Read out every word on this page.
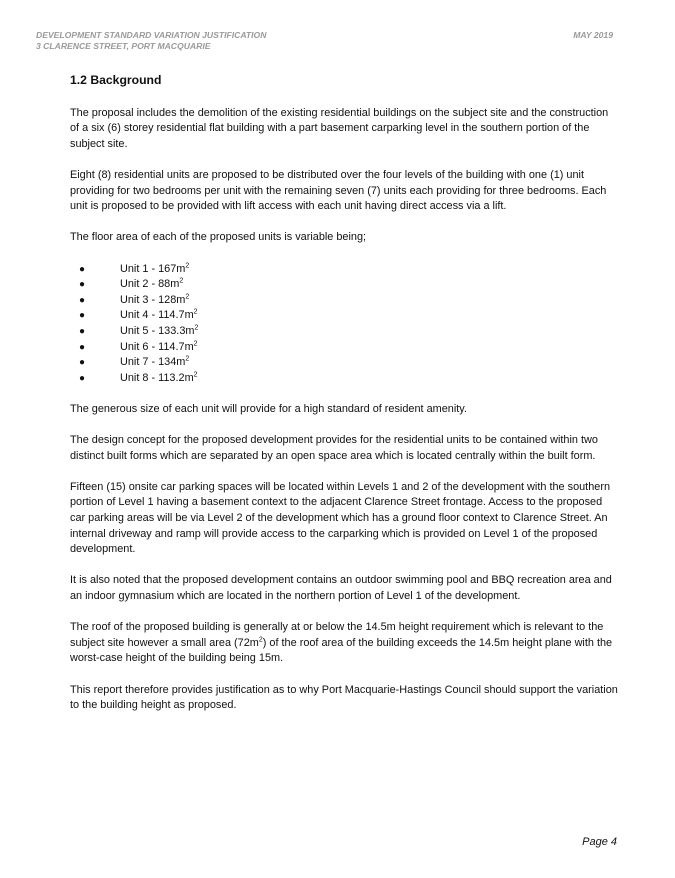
DEVELOPMENT STANDARD VARIATION JUSTIFICATION	MAY 2019
3 CLARENCE STREET, PORT MACQUARIE
1.2 Background

The proposal includes the demolition of the existing residential buildings on the subject site and the construction of a six (6) storey residential flat building with a part basement carparking level in the southern portion of the subject site.

Eight (8) residential units are proposed to be distributed over the four levels of the building with one (1) unit providing for two bedrooms per unit with the remaining seven (7) units each providing for three bedrooms. Each unit is proposed to be provided with lift access with each unit having direct access via a lift.

The floor area of each of the proposed units is variable being;

●	Unit $1 - 167m^2$
●	Unit $2 - 88m^2$
●	Unit $3 - 128m^2$
●	Unit $4 - 114.7m^2$
●	Unit $5 - 133.3m^2$
●	Unit $6 - 114.7m^2$
●	Unit $7 - 134m^2$
●	Unit $8 - 113.2m^2$

The generous size of each unit will provide for a high standard of resident amenity.

The design concept for the proposed development provides for the residential units to be contained within two distinct built forms which are separated by an open space area which is located centrally within the built form.

Fifteen (15) onsite car parking spaces will be located within Levels 1 and 2 of the development with the southern portion of Level 1 having a basement context to the adjacent Clarence Street frontage. Access to the proposed car parking areas will be via Level 2 of the development which has a ground floor context to Clarence Street. An internal driveway and ramp will provide access to the carparking which is provided on Level 1 of the proposed development.

It is also noted that the proposed development contains an outdoor swimming pool and BBQ recreation area and an indoor gymnasium which are located in the northern portion of Level 1 of the development.

The roof of the proposed building is generally at or below the 14.5m height requirement which is relevant to the subject site however a small area $(72m^2)$ of the roof area of the building exceeds the 14.5m height plane with the worst-case height of the building being 15m.

This report therefore provides justification as to why Port Macquarie-Hastings Council should support the variation to the building height as proposed.

Page 4
